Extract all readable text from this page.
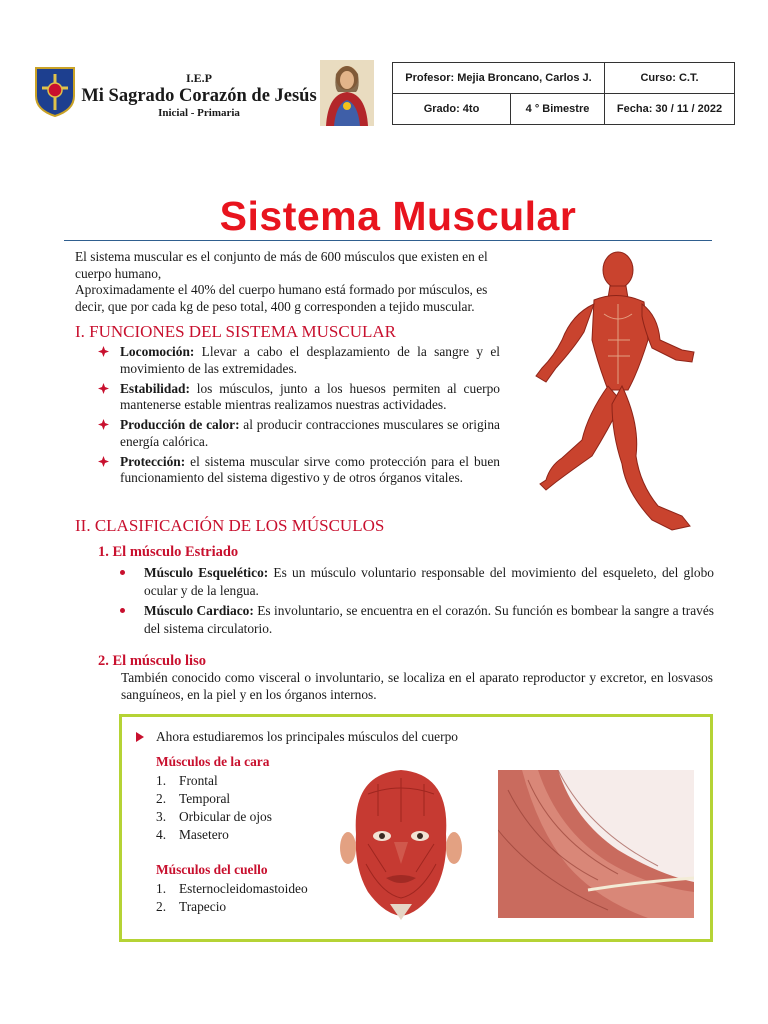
I.E.P
Mi Sagrado Corazón de Jesús
Inicial - Primaria
Profesor: Mejia Broncano, Carlos J.		Curso: C.T.
Grado: 4to	4 ° Bimestre	Fecha: 30 / 11 / 2022
Sistema Muscular
El sistema muscular es el conjunto de más de 600 músculos que existen en el cuerpo humano,
Aproximadamente el 40% del cuerpo humano está formado por músculos, es decir, que por cada kg de peso total, 400 g corresponden a tejido muscular.
I. FUNCIONES DEL SISTEMA MUSCULAR
Locomoción: Llevar a cabo el desplazamiento de la sangre y el movimiento de las extremidades.
Estabilidad: los músculos, junto a los huesos permiten al cuerpo mantenerse estable mientras realizamos nuestras actividades.
Producción de calor: al producir contracciones musculares se origina energía calórica.
Protección: el sistema muscular sirve como protección para el buen funcionamiento del sistema digestivo y de otros órganos vitales.
II. CLASIFICACIÓN DE LOS MÚSCULOS
1. El músculo Estriado
Músculo Esquelético: Es un músculo voluntario responsable del movimiento del esqueleto, del globo ocular y de la lengua.
Músculo Cardiaco: Es involuntario, se encuentra en el corazón. Su función es bombear la sangre a través del sistema circulatorio.
2. El músculo liso
También conocido como visceral o involuntario, se localiza en el aparato reproductor y excretor, en losvasos sanguíneos, en la piel y en los órganos internos.
Ahora estudiaremos los principales músculos del cuerpo
Músculos de la cara
1. Frontal
2. Temporal
3. Orbicular de ojos
4. Masetero
Músculos del cuello
1. Esternocleidomastoideo
2. Trapecio
